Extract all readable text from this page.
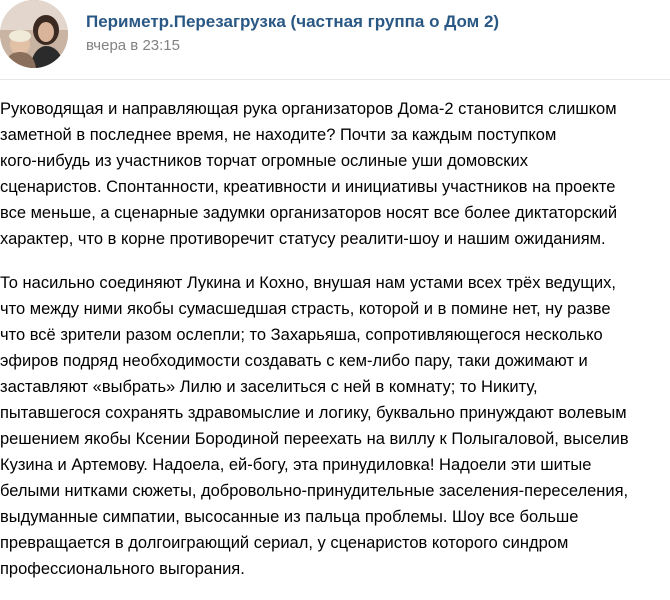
Периметр.Перезагрузка (частная группа о Дом 2)
вчера в 23:15

Руководящая и направляющая рука организаторов Дома-2 становится слишком
заметной в последнее время, не находите? Почти за каждым поступком
кого-нибудь из участников торчат огромные ослиные уши домовских
сценаристов. Спонтанности, креативности и инициативы участников на проекте
все меньше, а сценарные задумки организаторов носят все более диктаторский
характер, что в корне противоречит статусу реалити-шоу и нашим ожиданиям.

То насильно соединяют Лукина и Кохно, внушая нам устами всех трёх ведущих,
что между ними якобы сумасшедшая страсть, которой и в помине нет, ну разве
что всё зрители разом ослепли; то Захарьяша, сопротивляющегося несколько
эфиров подряд необходимости создавать с кем-либо пару, таки дожимают и
заставляют «выбрать» Лилю и заселиться с ней в комнату; то Никиту,
пытавшегося сохранять здравомыслие и логику, буквально принуждают волевым
решением якобы Ксении Бородиной переехать на виллу к Полыгаловой, выселив
Кузина и Артемову. Надоела, ей-богу, эта принудиловка! Надоели эти шитые
белыми нитками сюжеты, добровольно-принудительные заселения-переселения,
выдуманные симпатии, высосанные из пальца проблемы. Шоу все больше
превращается в долгоиграющий сериал, у сценаристов которого синдром
профессионального выгорания.
